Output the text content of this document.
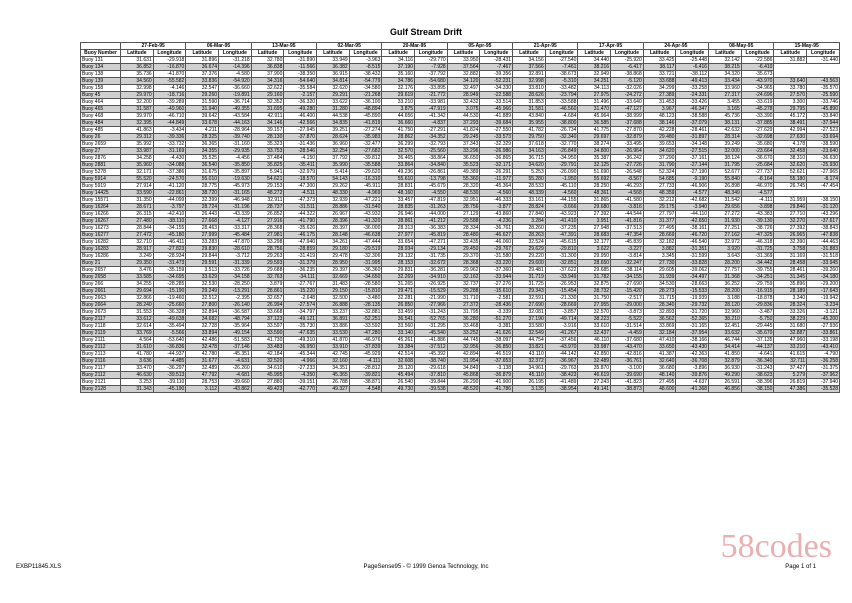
Gulf Stream Drift
	27-Feb-95		06-Mar-95		13-Mar-95		02-Mar-95		20-Mar-95		05-Apr-95		21-Apr-95		17-Apr-95		24-Apr-95		08-May-95		15-May-95	
Buoy Number	Latitude	Longitude	Latitude	Longitude	Latitude	Longitude	Latitude	Longitude	Latitude	Longitude	Latitude	Longitude	Latitude	Longitude	Latitude	Longitude	Latitude	Longitude	Latitude	Longitude	Latitude	Longitude
Buoy 131	31.631	-29.918	31.896	-31.218	32.780	-31.890	33.949	-3.963	34.116	-29.770	33.950	-28.431	34.156	-27.540	34.440	-25.920	33.425	-25.448	32.142	-22.586	31.882	-31.440
Buoy 134	36.852	-16.870	36.674	-14.396	36.838	-11.566	36.382	-8.515	37.190	-7.928	37.564	-7.467	37.566	-7.461	38.216	-6.417	38.117	-6.416	38.215	-6.410		
Buoy 138	35.736	-41.870	37.376	-4.580	37.900	-38.350	36.915	-38.432	35.160	-37.792	32.882	-39.356	32.891	-38.673	32.949	-38.868	33.721	-38.112	34.320	-35.673		
Buoy 139	34.560	-55.582	33.836	-54.920	34.316	-54.640	34.814	-54.779	34.786	-54.680	34.120	-52.231	32.998	-5.310	34.251	-5.120	33.688	-49.413	33.434	-43.970	33.640	-43.563
Buoy 158	32.998	-4.146	32.547	-36.660	32.622	-35.584	32.620	-34.580	32.176	-33.895	32.497	-34.330	33.810	-33.482	34.113	-32.026	34.299	-33.258	33.960	-34.965	33.780	-35.570
Buoy 45	29.970	-18.716	29.260	-19.891	29.160	-2.157	29.291	-21.268	29.619	-21.772	28.949	-22.588	28.626	-23.794	27.975	-24.272	27.389	-24.331	27.317	-24.696	27.570	-25.590
Buoy 464	32.200	-39.289	31.590	-36.714	32.352	-36.320	33.622	-36.100	33.210	-33.981	32.432	-33.514	31.853	-33.588	31.496	-33.640	31.453	-33.426	3.455	-33.619	3.300	-33.746
Buoy 465	31.587	-49.960	31.940	-49.355	31.695	-49.280	31.280	-48.894	3.875	-47.919	3.075	-45.966	31.581	-46.560	31.470	-47.127	3.967	-46.347	3.165	-45.278	29.795	-45.890
Buoy 468	39.970	-46.710	39.642	-43.584	42.911	-46.400	44.538	-45.890	44.656	-41.342	44.530	-41.889	43.840	-4.684	45.964	-38.999	48.123	-38.588	45.736	-33.390	45.172	-33.840
Buoy 484	32.395	-44.849	33.678	-44.163	34.146	-42.566	34.835	-41.819	36.660	-4.837	37.293	-39.684	35.955	-38.800	36.585	-37.688	38.146	-37.079	38.131	-37.885	38.491	-37.944
Buoy 485	41.863	-3.434	4.211	-28.964	39.157	-27.945	39.251	-27.274	41.750	-27.291	41.824	-27.550	41.782	-26.734	41.775	-27.870	42.228	-28.461	42.632	-27.629	42.994	-27.523
Buoy 26	29.312	-39.336	28.325	-39.740	28.130	-37.870	28.624	-35.983	28.862	-34.352	29.245	-33.573	29.750	-32.340	29.697	-32.879	29.480	-31.897	28.314	-32.698	27.630	-33.694
Buoy 2659	35.992	-33.732	36.365	-31.160	35.323	-31.436	36.960	-32.477	36.299	-32.793	37.343	-32.329	37.618	-32.770	38.274	-33.495	39.653	-34.148	39.249	-35.680	4.178	-38.590
Buoy 27	33.987	-31.169	34.355	-29.935	33.753	-28.546	32.254	-27.682	32.570	-25.560	33.296	-26.986	34.163	-26.849	34.800	-26.964	34.620	-27.515	32.000	-23.664	32.458	-23.640
Buoy 2876	34.258	-4.430	35.525	-4.456	37.484	-4.150	37.792	-39.812	36.465	-38.864	36.650	-36.865	36.715	-34.950	35.387	-36.242	37.290	-37.161	38.124	-36.670	38.310	-36.630
Buoy 2881	35.960	-34.088	36.540	-35.850	35.825	-35.411	35.990	-35.588	33.864	-34.840	35.523	-32.171	34.620	-29.791	32.125	-27.726	31.790	-27.144	31.795	-25.684	32.620	-25.930
Buoy 5278	32.171	-37.386	31.675	-35.897	5.941	-32.979	5.414	-29.620	49.236	-26.861	49.389	-26.291	5.253	-26.090	51.690	-26.548	52.324	-27.190	52.677	-27.737	52.621	-27.965
Buoy 5914	55.520	-24.570	55.010	-19.630	54.621	-18.570	54.143	-16.310	55.610	-13.798	55.360	-11.977	55.280	-1.950	55.692	-8.567	54.685	-9.190	55.840	-8.164	55.180	-8.174
Buoy 5919	27.914	-41.120	28.775	-45.973	29.153	-47.300	29.262	-45.911	28.831	-45.679	28.320	-45.364	28.533	-45.110	28.250	-46.293	27.733	-46.906	26.898	-46.970	26.745	-47.454
Buoy 14425	33.590	-22.861	38.720	-31.165	48.272	-4.511	48.330	-4.969	48.160	-4.550	48.530	-4.560	48.339	-4.560	48.361	-4.568	48.359	-4.577	48.349	-4.577		
Buoy 15571	31.350	-44.099	32.399	-46.948	32.911	-47.373	32.939	-47.221	33.457	-47.819	32.951	-46.333	33.161	-44.155	31.865	-41.580	32.212	-42.682	31.542	-4.111	31.959	-38.150
Buoy 16264	28.671	-3.797	28.724	-31.196	28.737	-31.511	28.886	-31.540	28.835	-31.263	28.756	-3.877	28.824	-3.666	29.680	-3.816	29.175	-3.940	29.656	-3.898	29.846	-31.120
Buoy 16266	26.315	-42.410	26.443	-43.339	26.852	-44.322	26.967	-43.932	26.946	-44.000	27.129	-43.860	27.840	-43.923	27.392	-44.544	27.797	-44.110	27.272	-43.383	27.710	-43.296
Buoy 16267	27.480	-38.110	27.668	-4.127	27.916	-41.790	28.396	-41.320	28.861	-41.212	29.588	-4.236	3.284	-41.410	3.951	-41.816	31.377	-42.650	31.930	-39.130	32.270	-37.617
Buoy 16273	28.844	-34.155	28.463	-33.317	28.368	-35.626	28.397	-36.000	28.313	-36.383	28.334	-36.761	28.260	-37.235	27.948	-37.513	27.495	-38.161	27.251	-38.726	27.392	-38.843
Buoy 16277	27.472	-45.180	27.999	-45.484	27.981	-46.175	28.148	-46.638	27.977	-45.819	28.480	-46.627	28.263	-47.391	28.683	-47.354	28.669	-46.720	27.162	-47.325	26.965	-47.838
Buoy 16282	32.710	-46.411	33.283	-47.870	33.298	-47.940	34.261	-47.444	33.654	-47.271	32.435	-46.060	32.524	-45.615	32.177	-45.839	32.182	-46.540	32.972	-46.318	32.390	-44.463
Buoy 16283	28.917	-27.823	29.830	-28.610	28.756	-28.859	29.180	-29.519	28.934	-29.134	29.450	-29.767	29.629	-29.810	3.622	-3.227	3.882	-31.351	3.920	-31.725	3.758	-31.883
Buoy 16286	3.249	-28.934	29.844	-3.712	29.263	-31.419	29.478	-32.306	29.132	-31.735	29.370	-31.580	29.220	-31.300	29.950	-3.814	3.345	-31.599	3.643	-31.369	31.169	-31.518
Buoy 21	29.350	-31.473	29.591	-31.339	29.593	-31.379	28.950	-31.995	28.153	-32.672	28.368	-33.220	29.600	-32.851	28.650	-32.247	27.730	-33.828	28.200	-34.442	28.458	-33.945
Buoy 2657	3.476	-35.159	3.513	-33.726	29.688	-36.235	29.397	-36.360	29.831	-36.281	29.962	-37.360	29.481	-37.622	29.685	-38.114	29.605	-39.062	27.757	-39.755	28.461	-39.260
Buoy 2658	33.585	-34.695	33.629	-34.158	32.763	-34.111	32.669	-34.650	32.269	-34.910	32.162	-33.944	31.719	-33.949	31.782	-34.155	31.939	-34.497	31.368	-34.251	31.345	-34.180
Buoy 266	34.255	-28.285	32.530	-28.250	3.879	-27.767	31.483	-28.580	31.265	-26.925	32.737	-27.276	31.725	-26.953	32.875	-27.690	34.530	-28.663	36.252	-29.759	35.896	-29.200
Buoy 2661	29.694	-15.190	29.249	-13.291	28.861	-15.220	29.150	-15.810	29.471	-15.529	29.288	-15.610	29.343	-15.454	28.732	-15.420	28.273	-15.533	28.200	-16.915	28.189	-17.643
Buoy 2663	32.866	-19.460	32.512	-2.395	32.657	-2.648	32.500	-3.480	32.281	-21.990	31.710	-2.581	32.591	-21.330	31.750	-2.517	31.715	-19.939	3.188	-18.878	3.340	-19.942
Buoy 2664	28.240	-25.660	27.800	-26.140	26.994	-27.574	26.888	-28.135	26.850	-27.966	27.372	-28.436	27.690	-28.669	27.955	-29.000	28.340	-29.732	28.120	-29.836	28.324	-3.234
Buoy 2673	31.553	-36.328	32.894	-36.587	33.668	-34.797	33.237	-32.881	33.459	-31.243	31.795	-3.339	32.081	-3.857	32.570	-3.873	32.893	-31.720	32.960	-3.487	33.326	-3.121
Buoy 2117	33.612	-49.638	34.682	-48.794	37.123	-49.121	36.891	-52.251	36.541	-52.765	36.280	-51.270	37.190	-49.714	38.223	-5.522	36.562	-52.365	38.210	-5.750	38.229	-45.200
Buoy 2118	32.614	-35.494	32.728	-35.964	33.597	-35.730	33.886	-33.592	33.560	-31.295	33.468	-3.381	33.580	-3.916	33.610	-31.514	33.869	-31.165	32.451	-29.445	31.680	-27.936
Buoy 2119	33.769	-5.566	33.894	-49.154	33.590	-47.635	33.530	-47.280	33.140	-45.540	33.252	-41.626	32.549	-41.267	32.437	-4.459	32.184	-37.954	33.632	-35.670	32.887	-33.861
Buoy 2111	4.564	-53.640	42.486	-51.583	41.730	-49.310	41.870	-46.976	45.261	-41.886	44.745	-38.097	44.754	-37.456	46.110	-37.680	47.410	-38.166	46.744	-37.135	47.960	-33.198
Buoy 2112	31.610	-36.836	32.478	-37.146	33.483	-36.950	33.910	-37.839	33.384	-37.512	32.956	-36.850	33.821	-43.970	33.987	-43.470	33.650	-43.430	34.414	-44.137	33.210	-43.410
Buoy 2113	41.780	-44.937	42.780	-45.351	42.184	-45.344	42.745	-45.929	42.514	-45.392	42.894	-46.519	43.110	-44.142	42.850	-42.816	41.387	-42.363	41.850	-4.641	41.615	-4.790
Buoy 2116	3.636	-4.485	31.677	-4.631	32.520	-4.966	32.160	-4.111	32.608	-38.740	31.954	-37.653	32.372	-36.967	32.489	-36.761	32.640	-36.708	32.879	-36.340	32.711	-36.258
Buoy 2117	33.470	-36.297	32.489	-26.260	34.610	-27.233	34.351	-28.812	35.120	-29.618	34.849	-3.138	34.961	-29.763	35.870	-3.100	36.680	-3.896	36.930	-31.243	37.427	-31.375
Buoy 2112	46.630	-39.513	47.792	-4.681	45.995	-4.350	45.365	-39.821	45.494	-37.810	45.868	-36.879	45.110	-38.423	46.619	-39.690	48.140	-39.876	49.290	-38.623	5.279	-37.962
Buoy 2121	3.253	-39.110	28.753	-39.660	27.880	-39.151	26.788	-38.871	26.540	-39.844	26.290	-41.900	26.195	-41.489	27.243	-41.823	27.495	-4.637	26.591	-38.396	26.819	-37.940
Buoy 2128	31.343	-45.190	3.112	-43.862	49.423	-42.770	49.327	-4.548	49.730	-39.538	48.520	-41.786	3.135	-38.954	49.141	-38.873	48.600	-41.368	46.856	-38.150	47.386	-35.528
58codes
EXBP11845.XLS	PageSense95 - © 1999 Genoa Technology, Inc	Page 1 of 1
